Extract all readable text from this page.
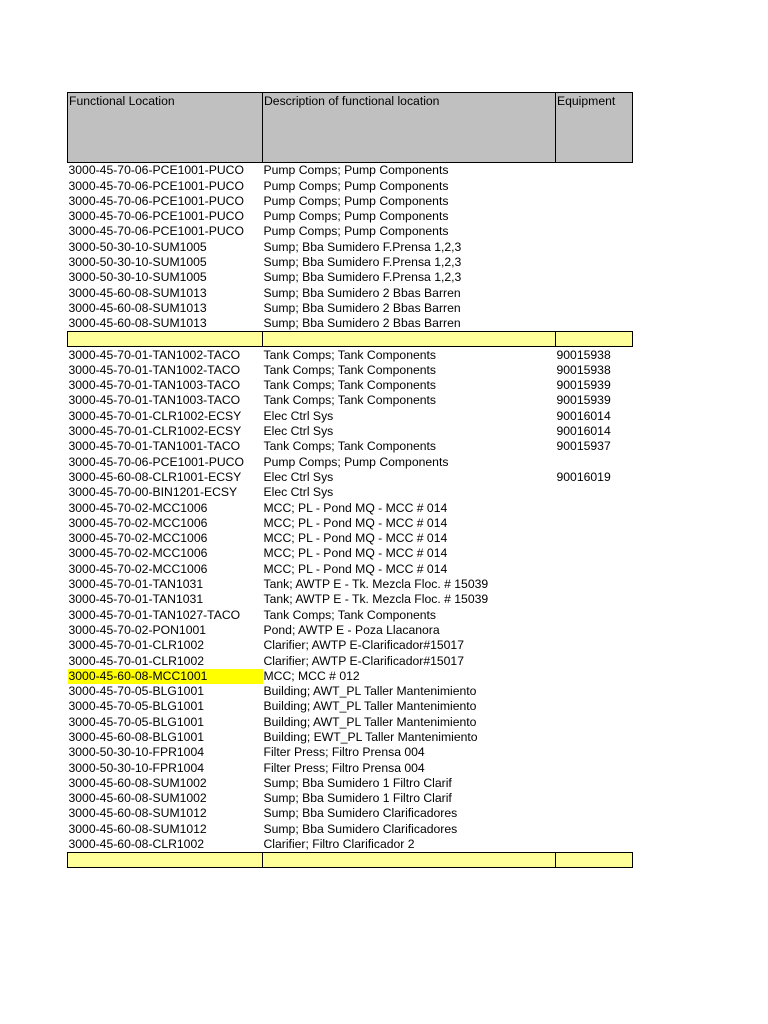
Functional Location	Description of functional location	Equipment
3000-45-70-06-PCE1001-PUCO	Pump Comps; Pump Components	
3000-45-70-06-PCE1001-PUCO	Pump Comps; Pump Components	
3000-45-70-06-PCE1001-PUCO	Pump Comps; Pump Components	
3000-45-70-06-PCE1001-PUCO	Pump Comps; Pump Components	
3000-45-70-06-PCE1001-PUCO	Pump Comps; Pump Components	
3000-50-30-10-SUM1005	Sump; Bba Sumidero F.Prensa 1,2,3	
3000-50-30-10-SUM1005	Sump; Bba Sumidero F.Prensa 1,2,3	
3000-50-30-10-SUM1005	Sump; Bba Sumidero F.Prensa 1,2,3	
3000-45-60-08-SUM1013	Sump; Bba Sumidero 2 Bbas Barren	
3000-45-60-08-SUM1013	Sump; Bba Sumidero 2 Bbas Barren	
3000-45-60-08-SUM1013	Sump; Bba Sumidero 2 Bbas Barren	

3000-45-70-01-TAN1002-TACO	Tank Comps; Tank Components	90015938
3000-45-70-01-TAN1002-TACO	Tank Comps; Tank Components	90015938
3000-45-70-01-TAN1003-TACO	Tank Comps; Tank Components	90015939
3000-45-70-01-TAN1003-TACO	Tank Comps; Tank Components	90015939
3000-45-70-01-CLR1002-ECSY	Elec Ctrl Sys	90016014
3000-45-70-01-CLR1002-ECSY	Elec Ctrl Sys	90016014
3000-45-70-01-TAN1001-TACO	Tank Comps; Tank Components	90015937
3000-45-70-06-PCE1001-PUCO	Pump Comps; Pump Components	
3000-45-60-08-CLR1001-ECSY	Elec Ctrl Sys	90016019
3000-45-70-00-BIN1201-ECSY	Elec Ctrl Sys	
3000-45-70-02-MCC1006	MCC; PL - Pond MQ - MCC # 014	
3000-45-70-02-MCC1006	MCC; PL - Pond MQ - MCC # 014	
3000-45-70-02-MCC1006	MCC; PL - Pond MQ - MCC # 014	
3000-45-70-02-MCC1006	MCC; PL - Pond MQ - MCC # 014	
3000-45-70-02-MCC1006	MCC; PL - Pond MQ - MCC # 014	
3000-45-70-01-TAN1031	Tank; AWTP E - Tk. Mezcla Floc. # 15039	
3000-45-70-01-TAN1031	Tank; AWTP E - Tk. Mezcla Floc. # 15039	
3000-45-70-01-TAN1027-TACO	Tank Comps; Tank Components	
3000-45-70-02-PON1001	Pond; AWTP E - Poza Llacanora	
3000-45-70-01-CLR1002	Clarifier; AWTP E-Clarificador#15017	
3000-45-70-01-CLR1002	Clarifier; AWTP E-Clarificador#15017	
3000-45-60-08-MCC1001	MCC; MCC # 012	
3000-45-70-05-BLG1001	Building; AWT_PL Taller Mantenimiento	
3000-45-70-05-BLG1001	Building; AWT_PL Taller Mantenimiento	
3000-45-70-05-BLG1001	Building; AWT_PL Taller Mantenimiento	
3000-45-60-08-BLG1001	Building; EWT_PL Taller Mantenimiento	
3000-50-30-10-FPR1004	Filter Press; Filtro Prensa 004	
3000-50-30-10-FPR1004	Filter Press; Filtro Prensa 004	
3000-45-60-08-SUM1002	Sump; Bba Sumidero 1 Filtro Clarif	
3000-45-60-08-SUM1002	Sump; Bba Sumidero 1 Filtro Clarif	
3000-45-60-08-SUM1012	Sump; Bba Sumidero Clarificadores	
3000-45-60-08-SUM1012	Sump; Bba Sumidero Clarificadores	
3000-45-60-08-CLR1002	Clarifier; Filtro Clarificador 2	
